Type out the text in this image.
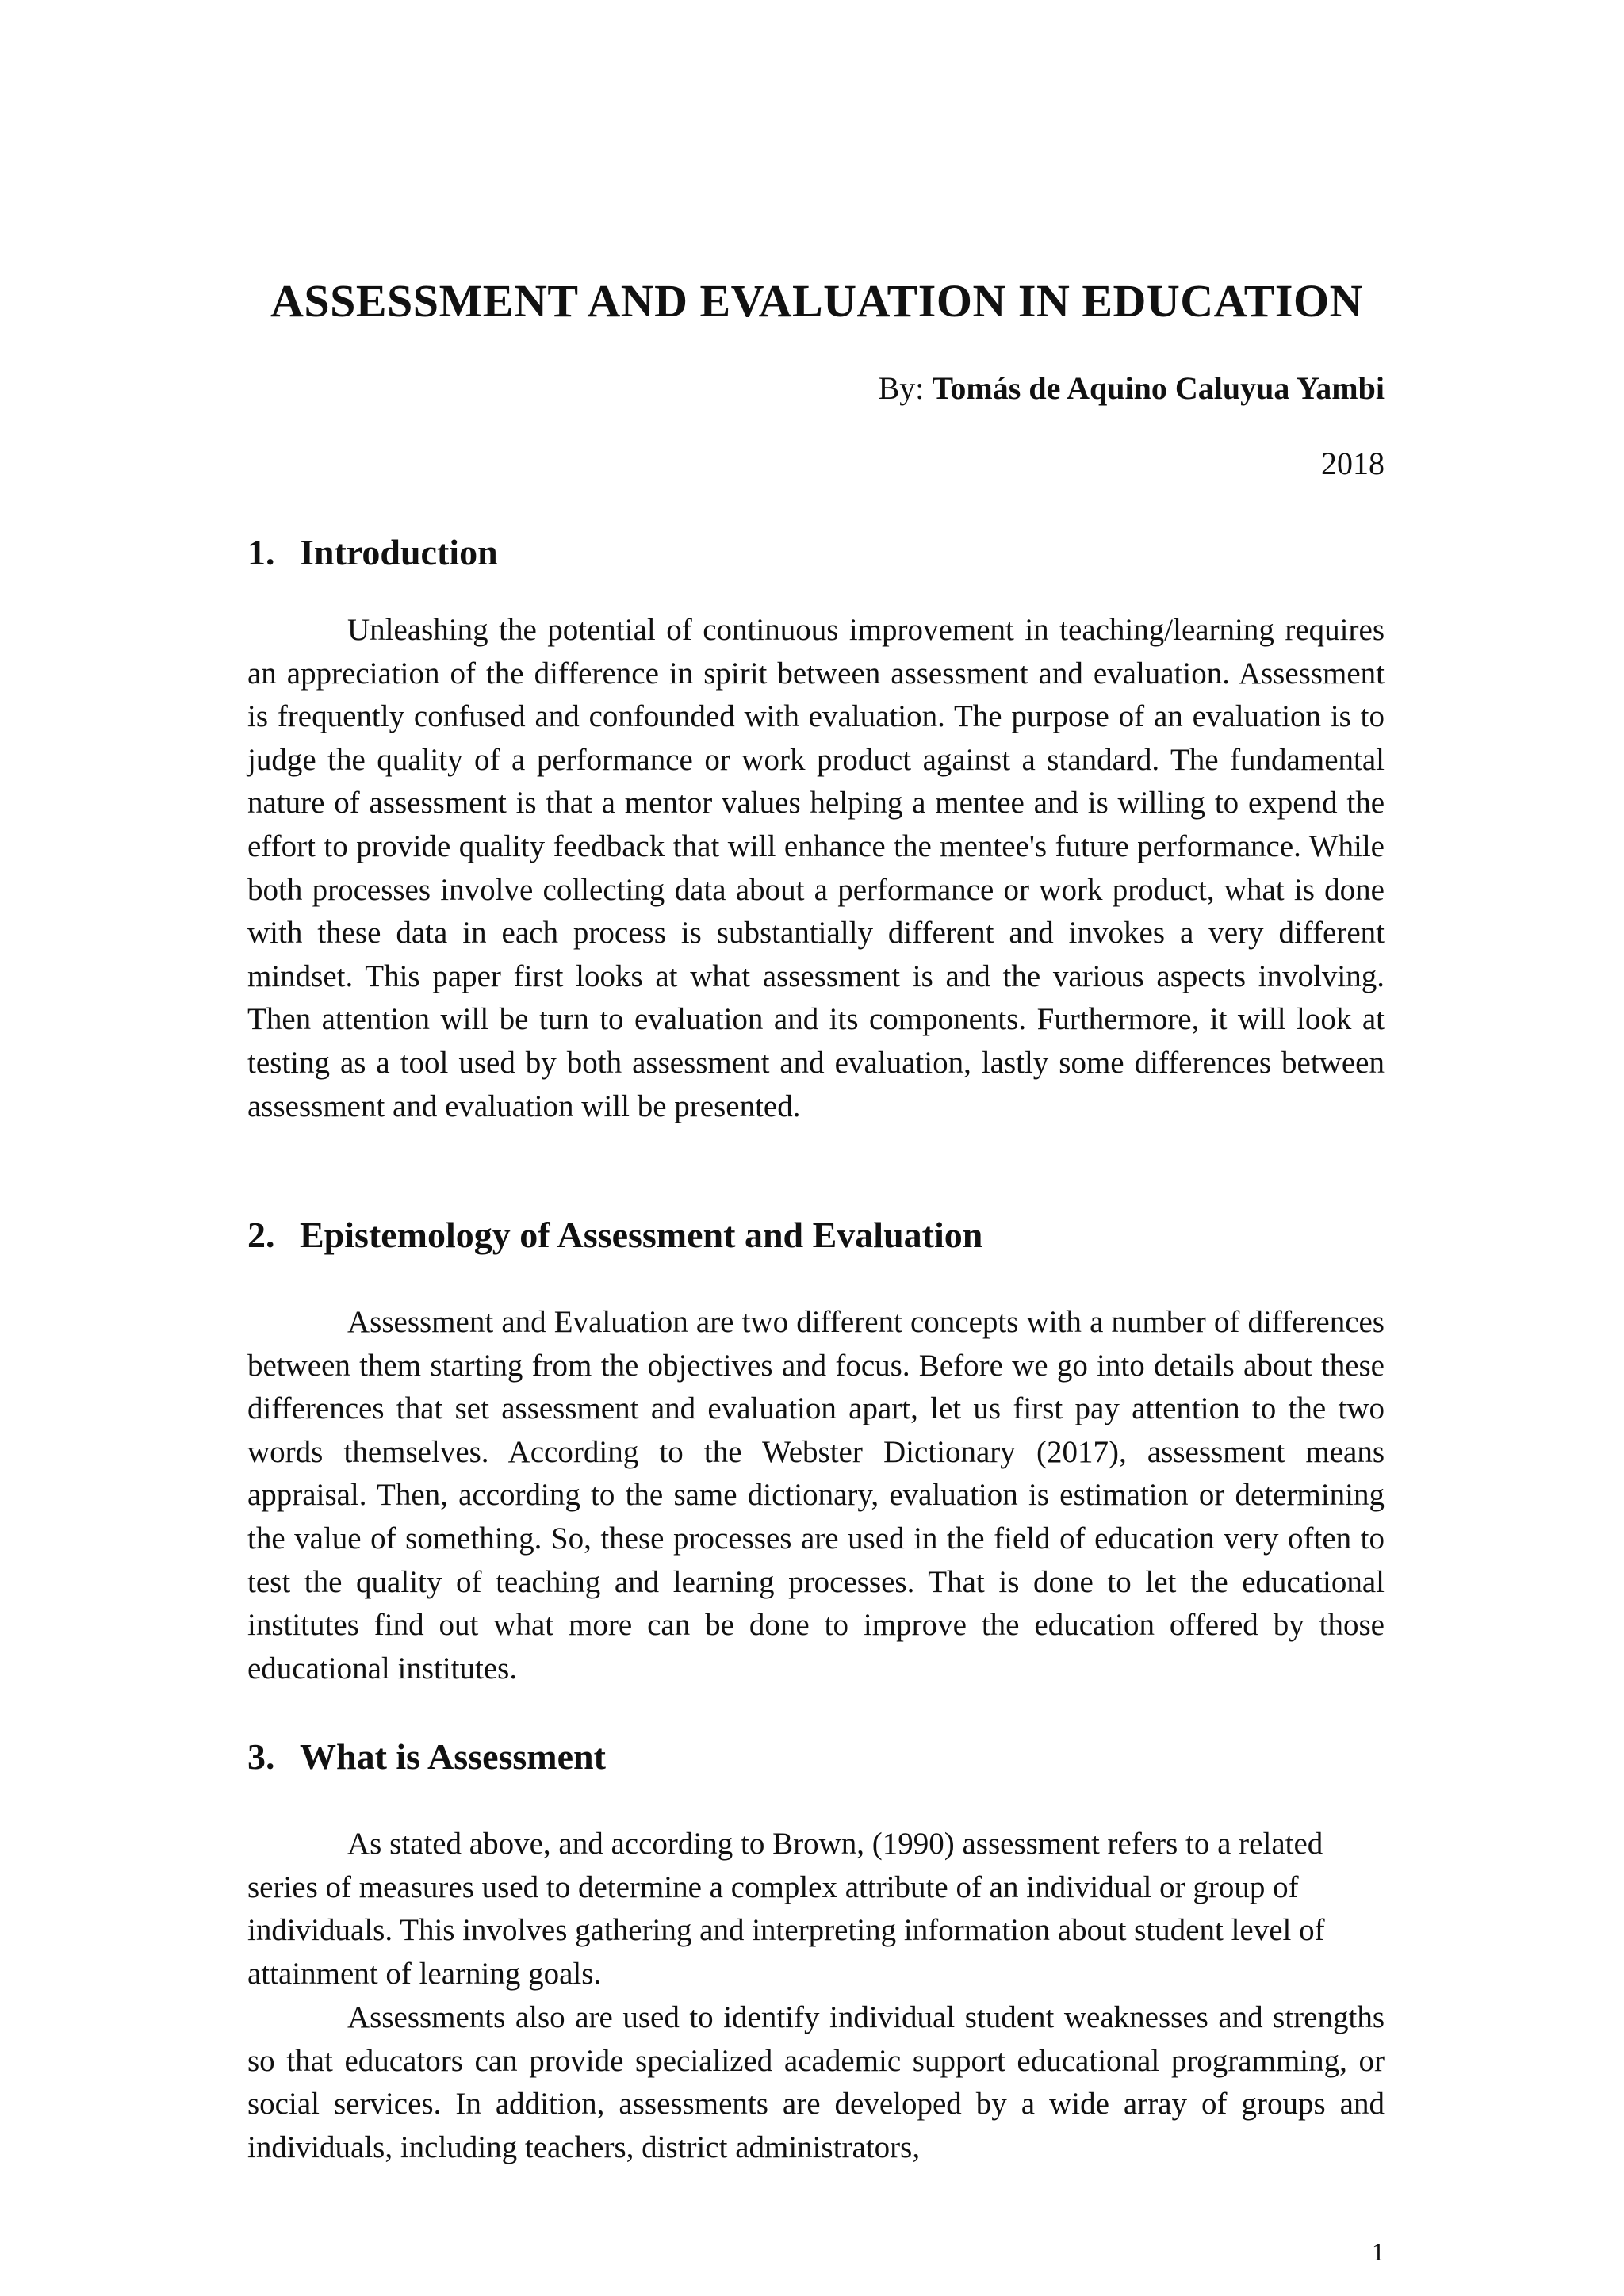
ASSESSMENT AND EVALUATION IN EDUCATION

By: Tomás de Aquino Caluyua Yambi

2018

1. Introduction

Unleashing the potential of continuous improvement in teaching/learning requires an appreciation of the difference in spirit between assessment and evaluation. Assessment is frequently confused and confounded with evaluation. The purpose of an evaluation is to judge the quality of a performance or work product against a standard. The fundamental nature of assessment is that a mentor values helping a mentee and is willing to expend the effort to provide quality feedback that will enhance the mentee's future performance. While both processes involve collecting data about a performance or work product, what is done with these data in each process is substantially different and invokes a very different mindset. This paper first looks at what assessment is and the various aspects involving. Then attention will be turn to evaluation and its components. Furthermore, it will look at testing as a tool used by both assessment and evaluation, lastly some differences between assessment and evaluation will be presented.

2. Epistemology of Assessment and Evaluation

Assessment and Evaluation are two different concepts with a number of differences between them starting from the objectives and focus. Before we go into details about these differences that set assessment and evaluation apart, let us first pay attention to the two words themselves. According to the Webster Dictionary (2017), assessment means appraisal. Then, according to the same dictionary, evaluation is estimation or determining the value of something. So, these processes are used in the field of education very often to test the quality of teaching and learning processes. That is done to let the educational institutes find out what more can be done to improve the education offered by those educational institutes.

3. What is Assessment

As stated above, and according to Brown, (1990) assessment refers to a related series of measures used to determine a complex attribute of an individual or group of individuals. This involves gathering and interpreting information about student level of attainment of learning goals.

Assessments also are used to identify individual student weaknesses and strengths so that educators can provide specialized academic support educational programming, or social services. In addition, assessments are developed by a wide array of groups and individuals, including teachers, district administrators,

1
